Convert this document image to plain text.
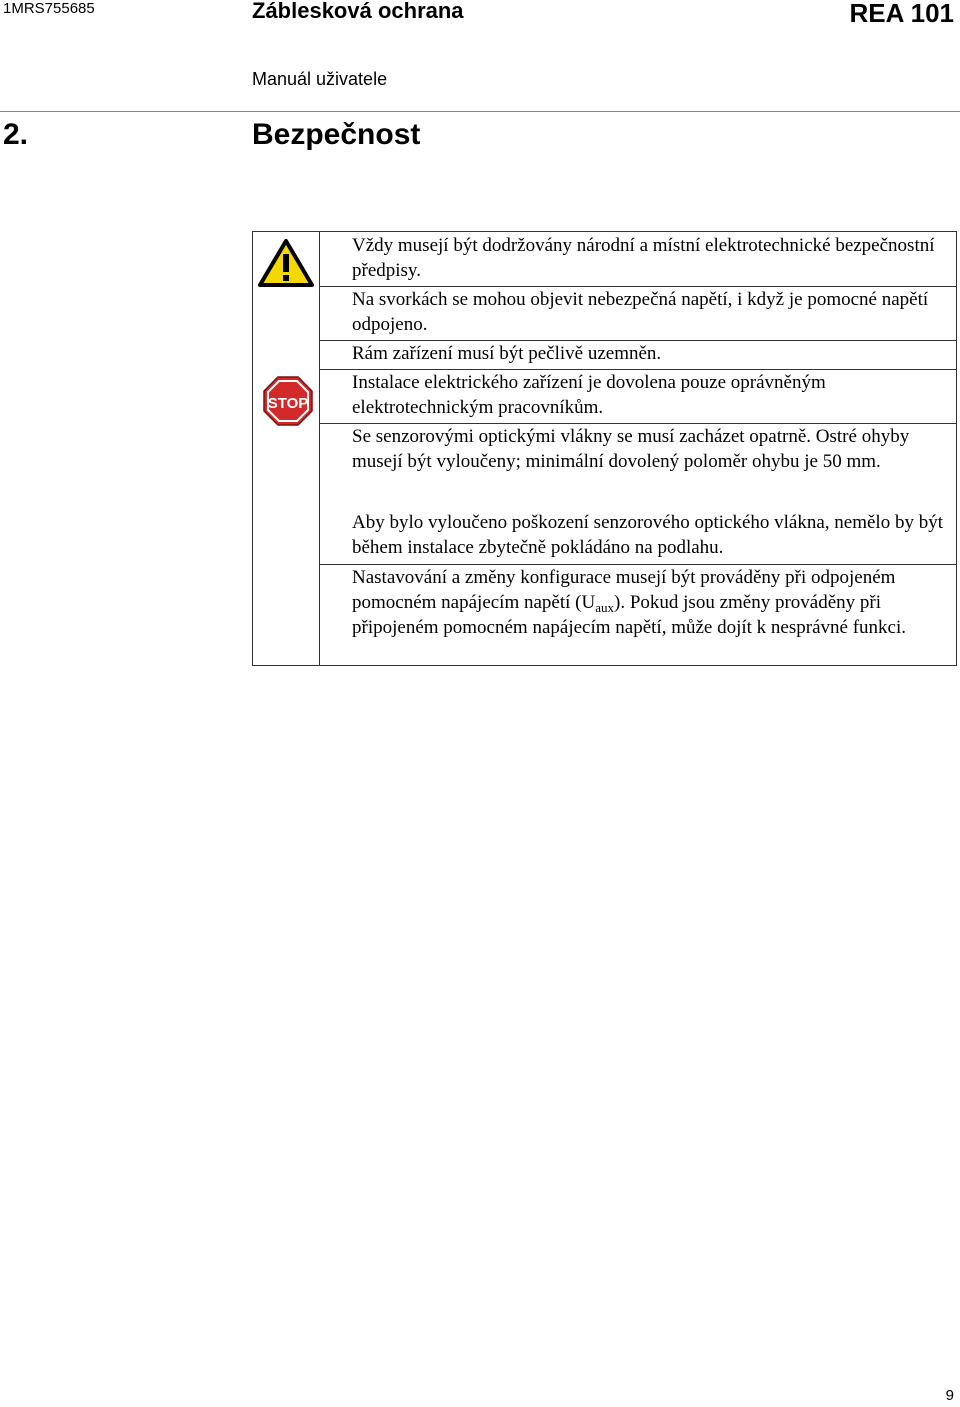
1MRS755685	Záblesková ochrana	REA 101
Manuál uživatele
2.	Bezpečnost
STOP
Vždy musejí být dodržovány národní a místní elektrotechnické bezpečnostní předpisy.
Na svorkách se mohou objevit nebezpečná napětí, i když je pomocné napětí odpojeno.
Rám zařízení musí být pečlivě uzemněn.
Instalace elektrického zařízení je dovolena pouze oprávněným elektrotechnickým pracovníkům.
Se senzorovými optickými vlákny se musí zacházet opatrně. Ostré ohyby musejí být vyloučeny; minimální dovolený poloměr ohybu je 50 mm.
Aby bylo vyloučeno poškození senzorového optického vlákna, nemělo by být během instalace zbytečně pokládáno na podlahu.
Nastavování a změny konfigurace musejí být prováděny při odpojeném pomocném napájecím napětí $(U_{aux})$. Pokud jsou změny prováděny při připojeném pomocném napájecím napětí, může dojít k nesprávné funkci.
9
